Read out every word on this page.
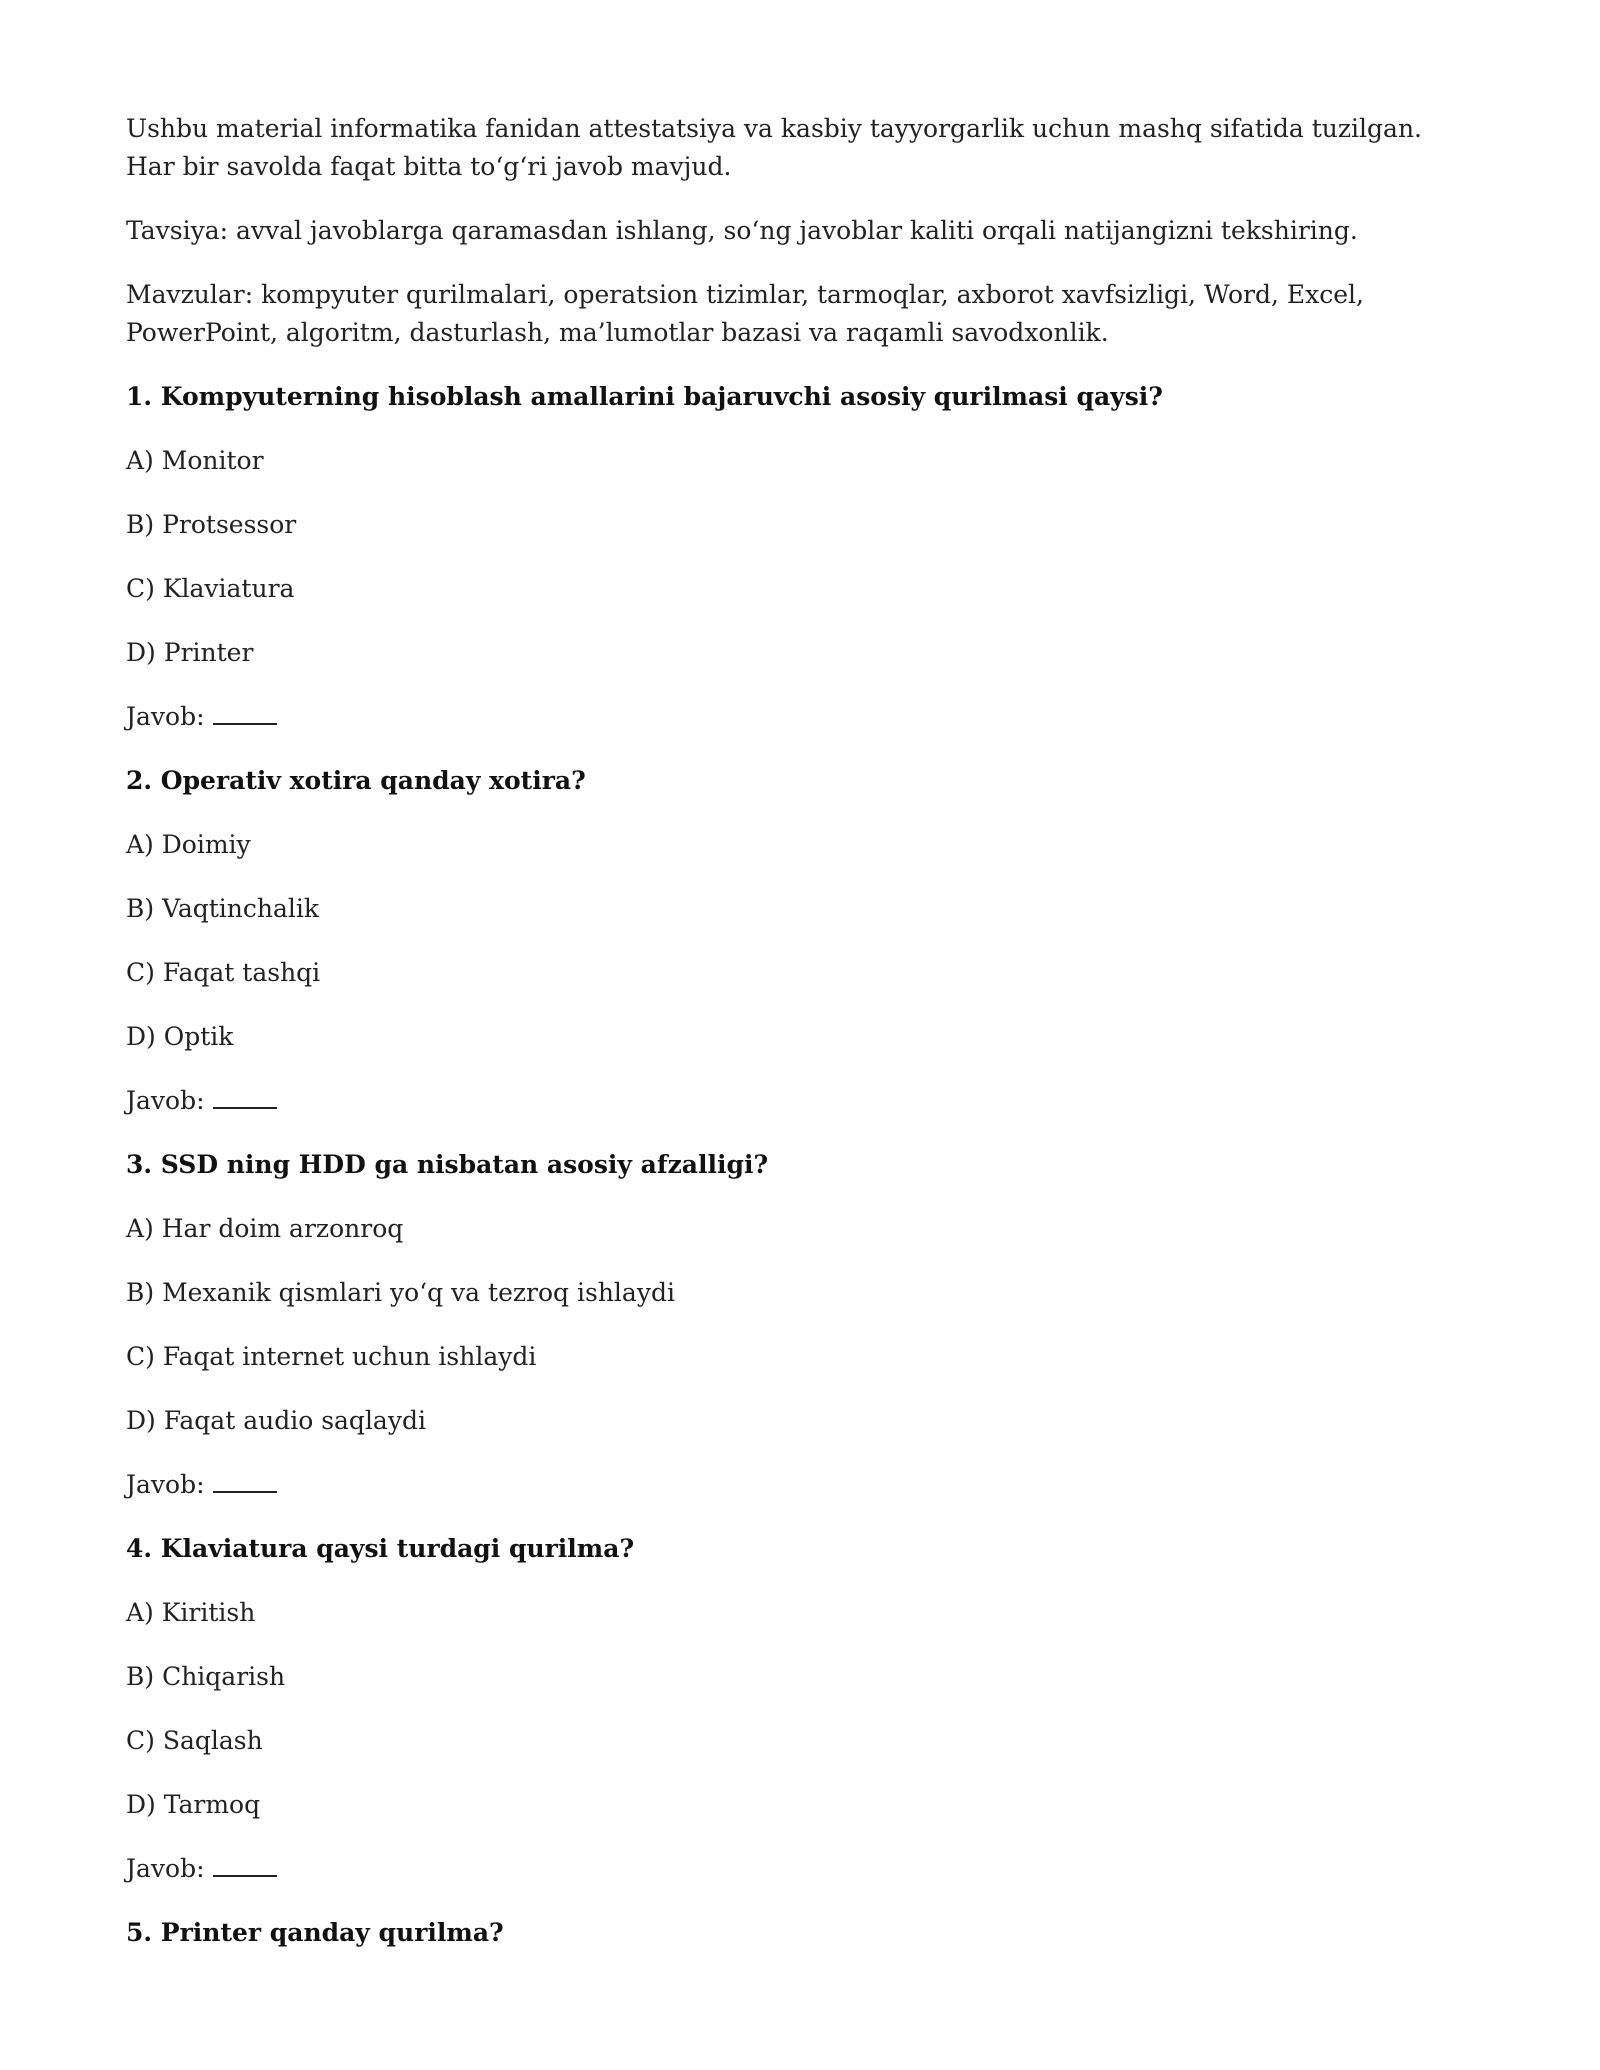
Ushbu material informatika fanidan attestatsiya va kasbiy tayyorgarlik uchun mashq sifatida tuzilgan. Har bir savolda faqat bitta to‘g‘ri javob mavjud.

Tavsiya: avval javoblarga qaramasdan ishlang, so‘ng javoblar kaliti orqali natijangizni tekshiring.

Mavzular: kompyuter qurilmalari, operatsion tizimlar, tarmoqlar, axborot xavfsizligi, Word, Excel, PowerPoint, algoritm, dasturlash, ma’lumotlar bazasi va raqamli savodxonlik.

1. Kompyuterning hisoblash amallarini bajaruvchi asosiy qurilmasi qaysi?

A) Monitor

B) Protsessor

C) Klaviatura

D) Printer

Javob:

2. Operativ xotira qanday xotira?

A) Doimiy

B) Vaqtinchalik

C) Faqat tashqi

D) Optik

Javob:

3. SSD ning HDD ga nisbatan asosiy afzalligi?

A) Har doim arzonroq

B) Mexanik qismlari yo‘q va tezroq ishlaydi

C) Faqat internet uchun ishlaydi

D) Faqat audio saqlaydi

Javob:

4. Klaviatura qaysi turdagi qurilma?

A) Kiritish

B) Chiqarish

C) Saqlash

D) Tarmoq

Javob:

5. Printer qanday qurilma?
